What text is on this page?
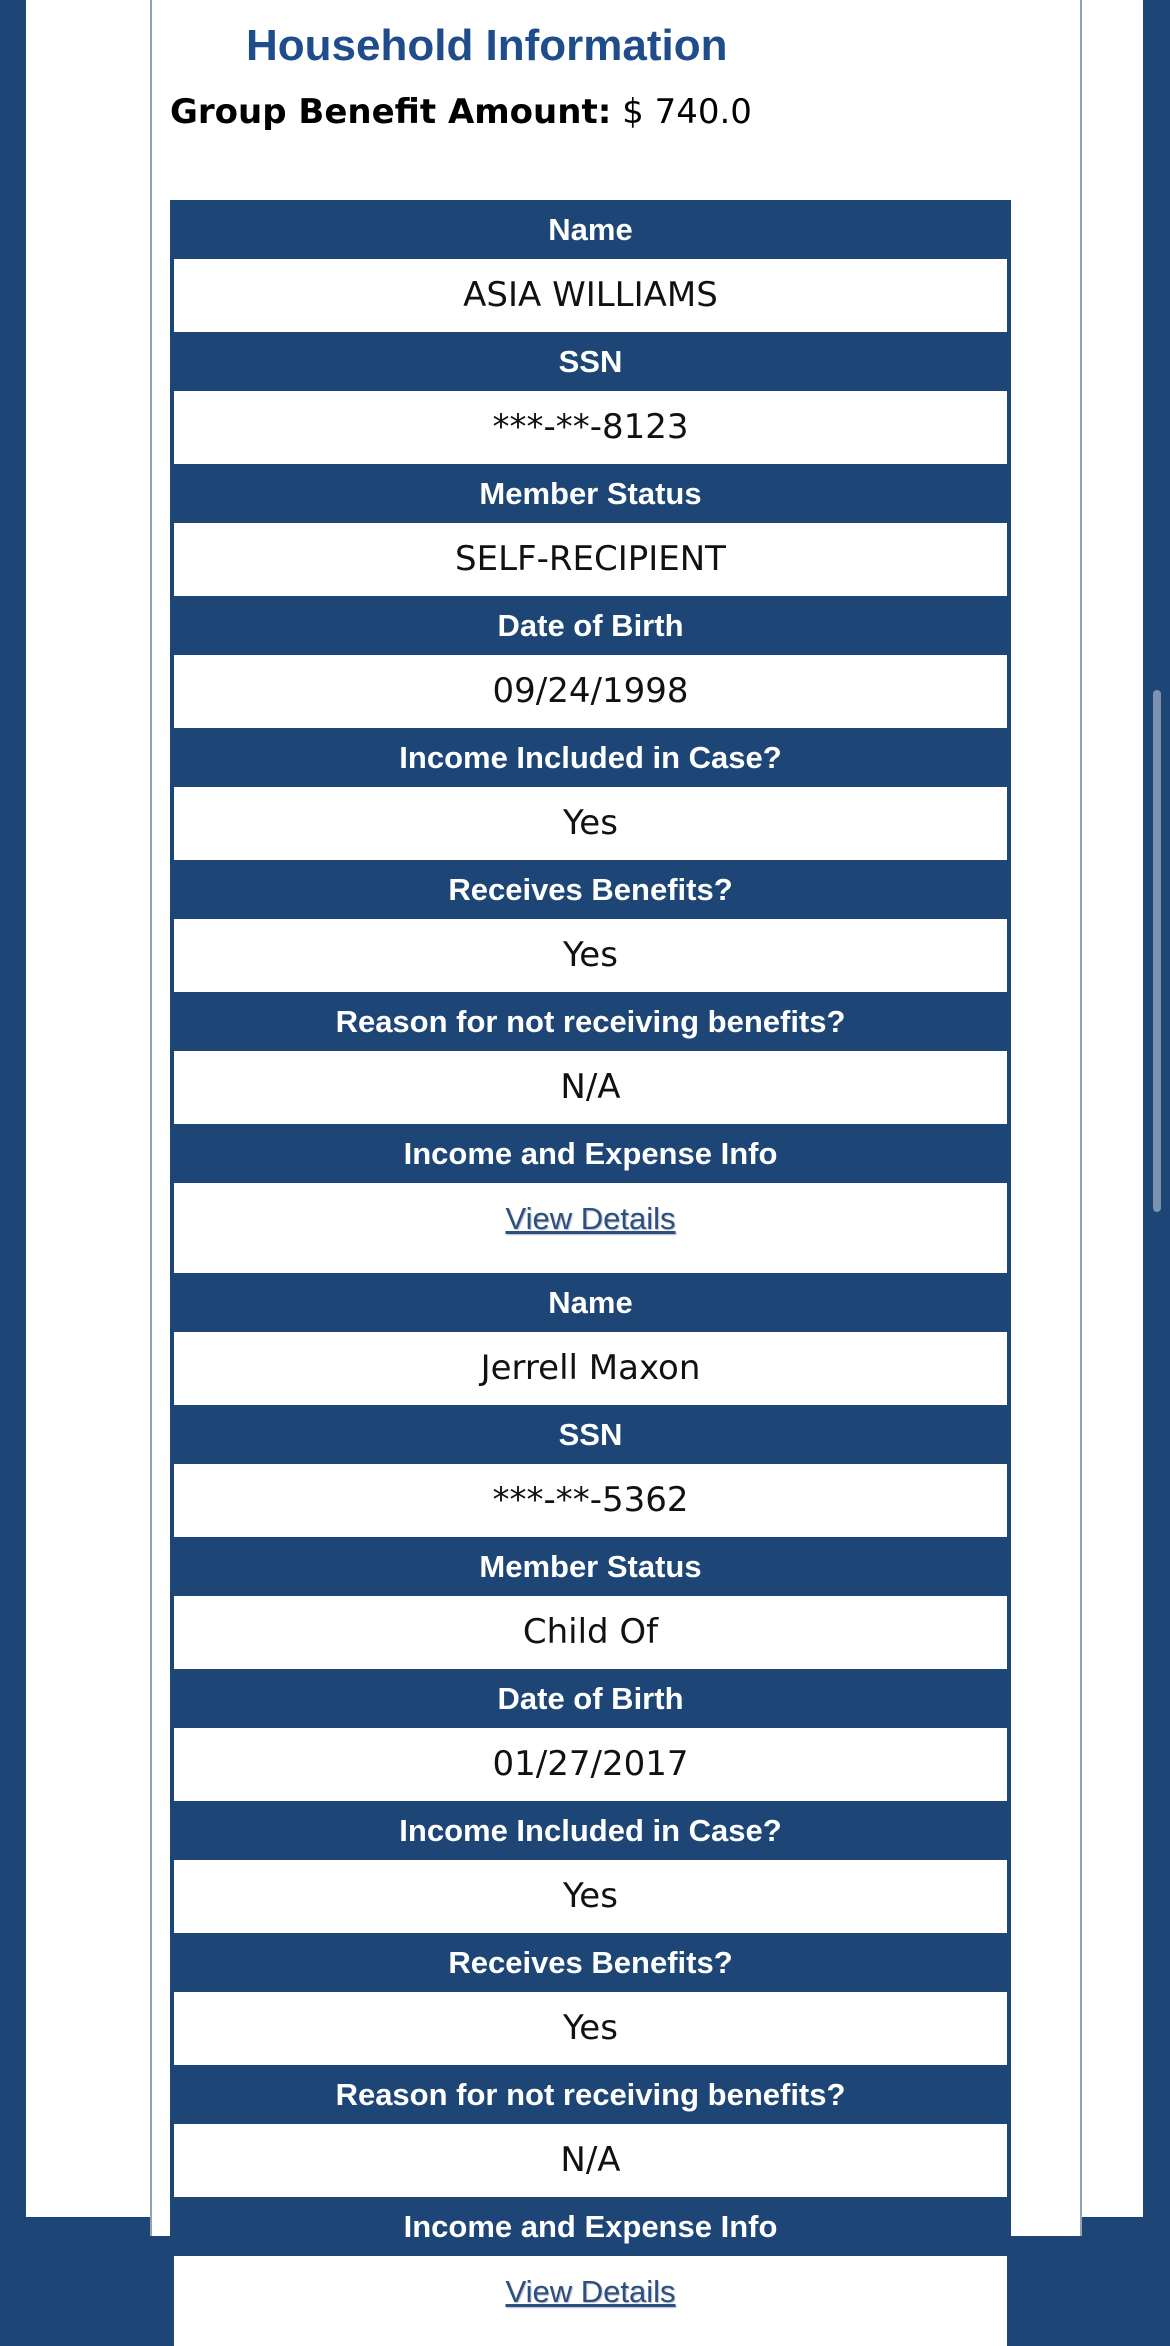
Household Information
Group Benefit Amount: $ 740.0
Name
ASIA WILLIAMS
SSN
***-**-8123
Member Status
SELF-RECIPIENT
Date of Birth
09/24/1998
Income Included in Case?
Yes
Receives Benefits?
Yes
Reason for not receiving benefits?
N/A
Income and Expense Info
View Details
Name
Jerrell Maxon
SSN
***-**-5362
Member Status
Child Of
Date of Birth
01/27/2017
Income Included in Case?
Yes
Receives Benefits?
Yes
Reason for not receiving benefits?
N/A
Income and Expense Info
View Details
